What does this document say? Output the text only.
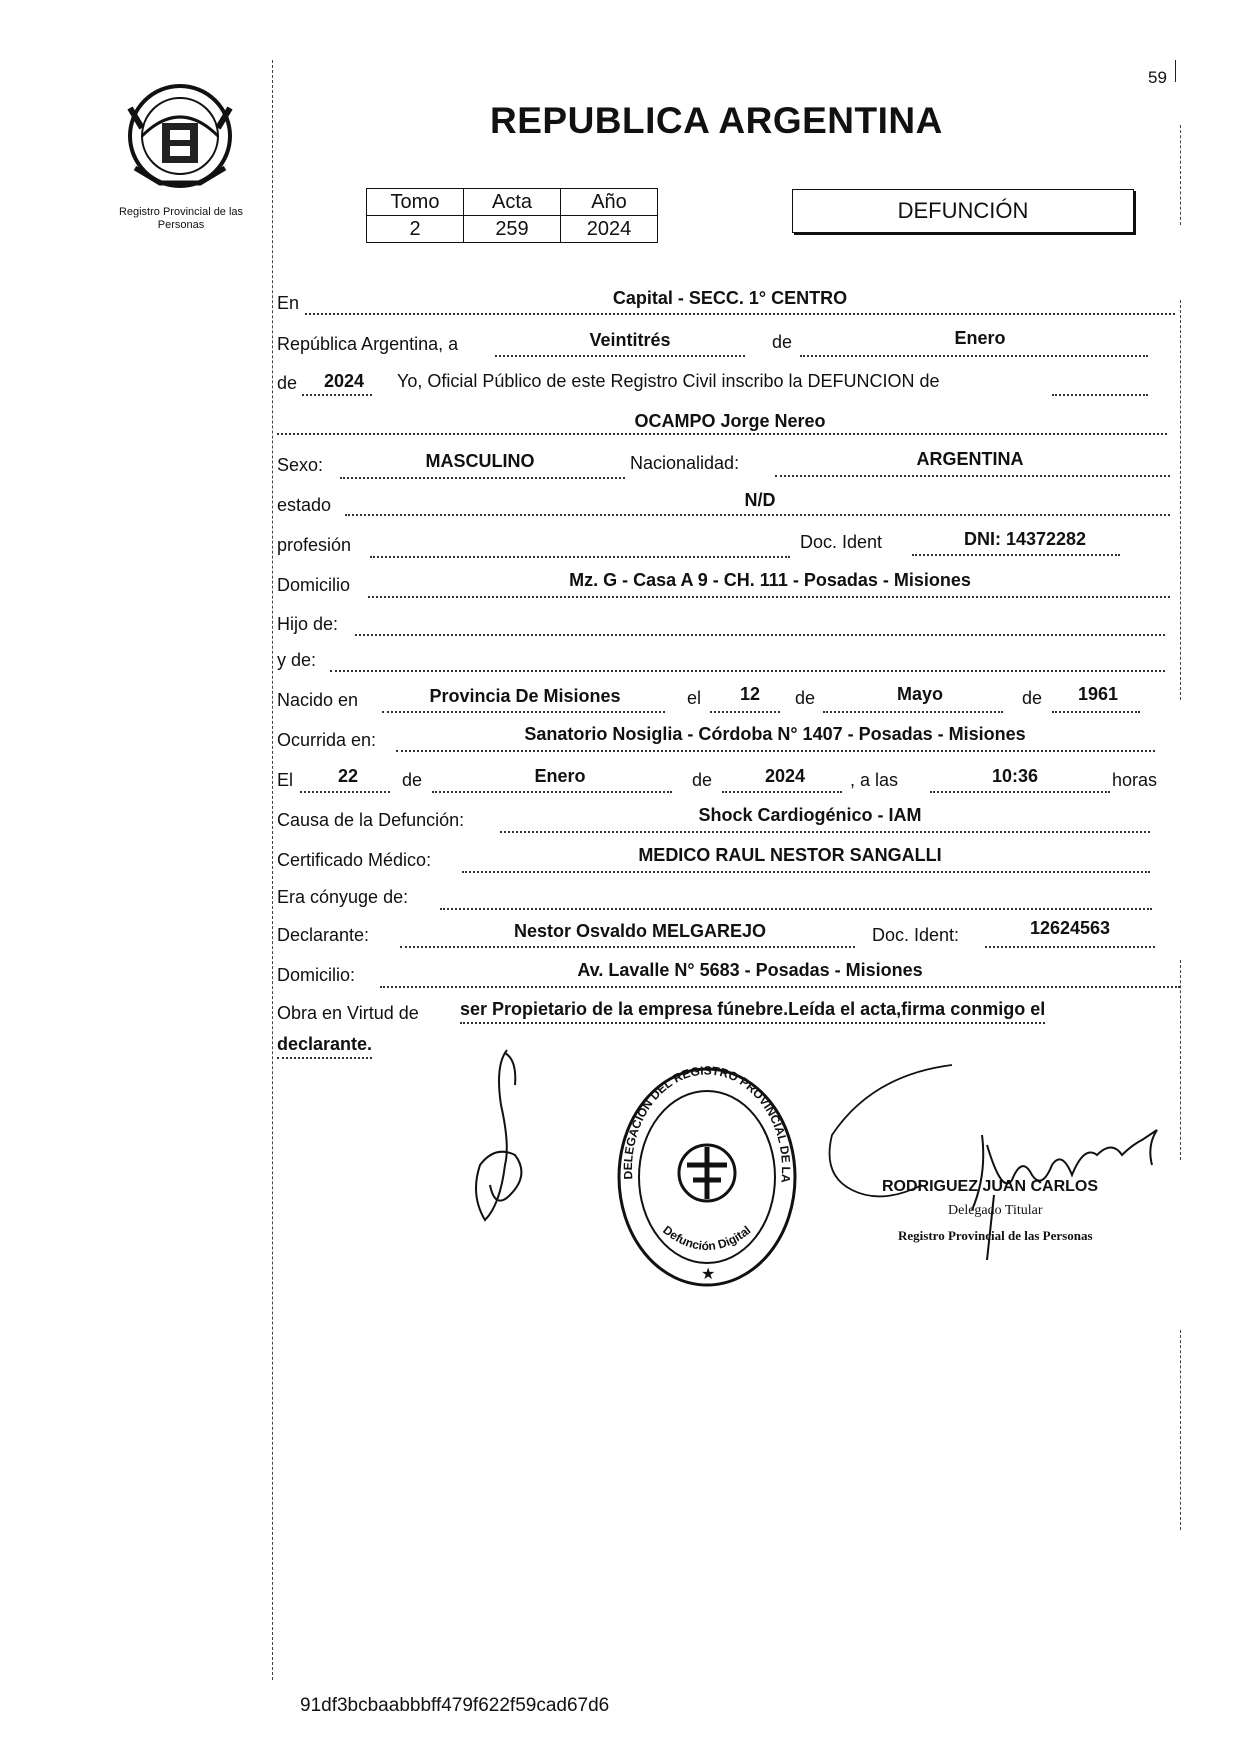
59
Registro Provincial de las Personas
REPUBLICA ARGENTINA
Tomo	Acta	Año
2	259	2024
DEFUNCIÓN
En	Capital - SECC. 1° CENTRO
República Argentina, a	Veintitrés	de	Enero
de	2024	Yo, Oficial Público de este Registro Civil inscribo la DEFUNCION de
OCAMPO Jorge Nereo
Sexo:	MASCULINO	Nacionalidad:	ARGENTINA
estado	N/D
profesión	Doc. Ident	DNI: 14372282
Domicilio	Mz. G - Casa A 9 - CH. 111 - Posadas - Misiones
Hijo de:
y de:
Nacido en	Provincia De Misiones	el	12	de	Mayo	de	1961
Ocurrida en:	Sanatorio Nosiglia - Córdoba N° 1407 - Posadas - Misiones
El	22	de	Enero	de	2024	, a las	10:36	horas
Causa de la Defunción:	Shock Cardiogénico - IAM
Certificado Médico:	MEDICO RAUL NESTOR SANGALLI
Era cónyuge de:
Declarante:	Nestor Osvaldo MELGAREJO	Doc. Ident:	12624563
Domicilio:	Av. Lavalle N° 5683 - Posadas - Misiones
Obra en Virtud de ser Propietario de la empresa fúnebre.Leída el acta,firma conmigo el
declarante.
DELEGACION DEL REGISTRO PROVINCIAL DE LA
Defunción Digital
★
RODRIGUEZ JUAN CARLOS
Delegado Titular
Registro Provincial de las Personas
91df3bcbaabbbff479f622f59cad67d6
